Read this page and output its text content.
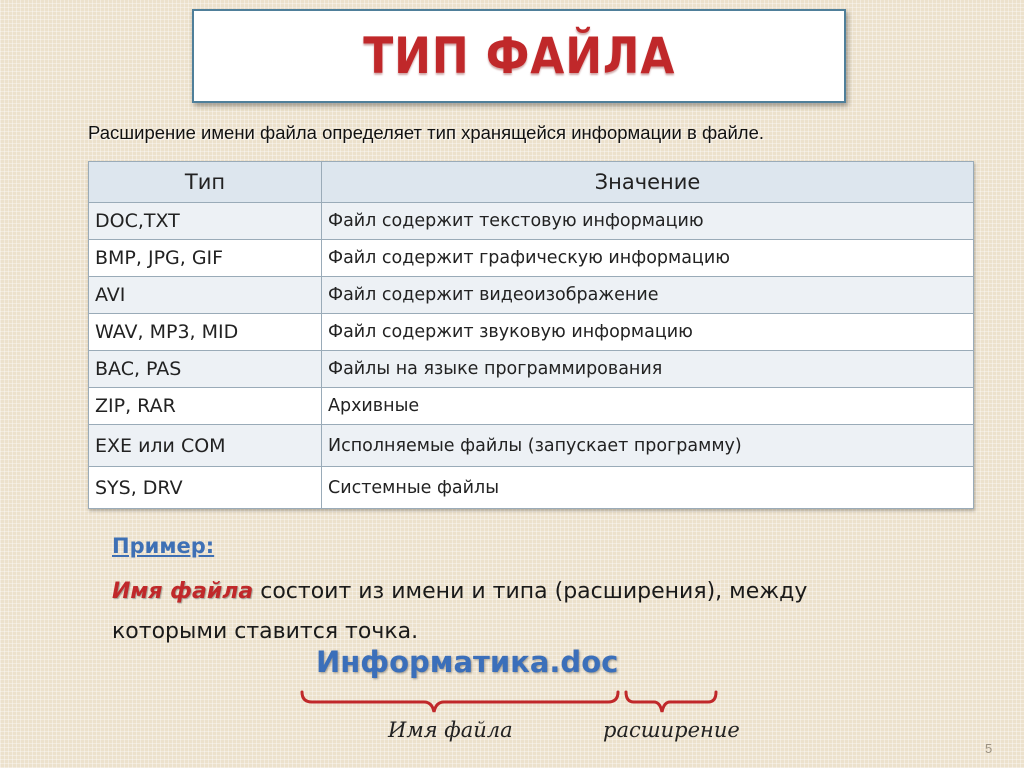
ТИП ФАЙЛА
Расширение имени файла определяет тип хранящейся информации в файле.
Тип	Значение
DOC,TXT	Файл содержит текстовую информацию
BMP, JPG, GIF	Файл содержит графическую информацию
AVI	Файл содержит видеоизображение
WAV, MP3, MID	Файл содержит звуковую информацию
BAC, PAS	Файлы на языке программирования
ZIP, RAR	Архивные
EXE или COM	Исполняемые файлы (запускает программу)
SYS, DRV	Системные файлы
Пример:
Имя файла состоит из имени и типа (расширения), между которыми ставится точка.
Информатика.doc
Имя файла	расширение
5
